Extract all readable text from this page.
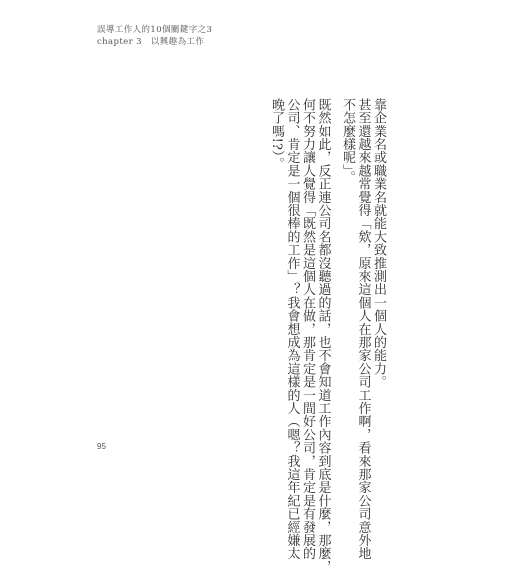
誤導工作人的10個關鍵字之3
chapter 3　以興趣為工作
靠企業名或職業名就能大致推測出一個人的能力。
甚至還越來越常覺得「欸，原來這個人在那家公司工作啊，看來那家公司意外地
不怎麼樣呢」。
既然如此，反正連公司名都沒聽過的話，也不會知道工作內容到底是什麼，那麼，
何不努力讓人覺得「既然是這個人在做，那肯定是一間好公司，肯定是有發展的
公司、肯定是一個很棒的工作」？我會想成為這樣的人（嗯？我這年紀已經嫌太
晚了嗎!?）。
95
